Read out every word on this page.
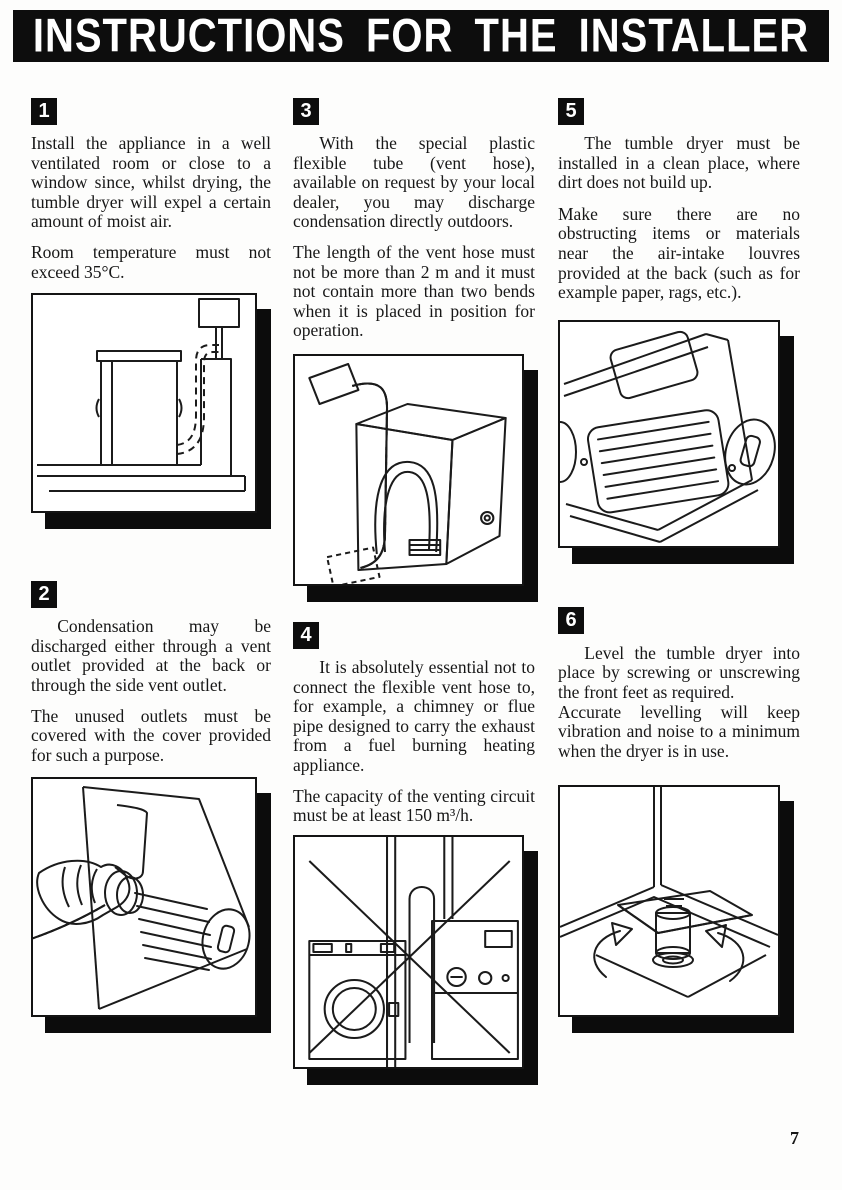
INSTRUCTIONS FOR THE INSTALLER
1

Install the appliance in a well ventilated room or close to a window since, whilst drying, the tumble dryer will expel a certain amount of moist air.

Room temperature must not exceed 35°C.

2

Condensation may be discharged either through a vent outlet provided at the back or through the side vent outlet.

The unused outlets must be covered with the cover provided for such a purpose.

3

With the special plastic flexible tube (vent hose), available on request by your local dealer, you may discharge condensation directly outdoors.

The length of the vent hose must not be more than 2 m and it must not contain more than two bends when it is placed in position for operation.

4

It is absolutely essential not to connect the flexible vent hose to, for example, a chimney or flue pipe designed to carry the exhaust from a fuel burning heating appliance.

The capacity of the venting circuit must be at least 150 m³/h.

5

The tumble dryer must be installed in a clean place, where dirt does not build up.

Make sure there are no obstructing items or materials near the air-intake louvres provided at the back (such as for example paper, rags, etc.).

6

Level the tumble dryer into place by screwing or unscrewing the front feet as required.

Accurate levelling will keep vibration and noise to a minimum when the dryer is in use.

7
